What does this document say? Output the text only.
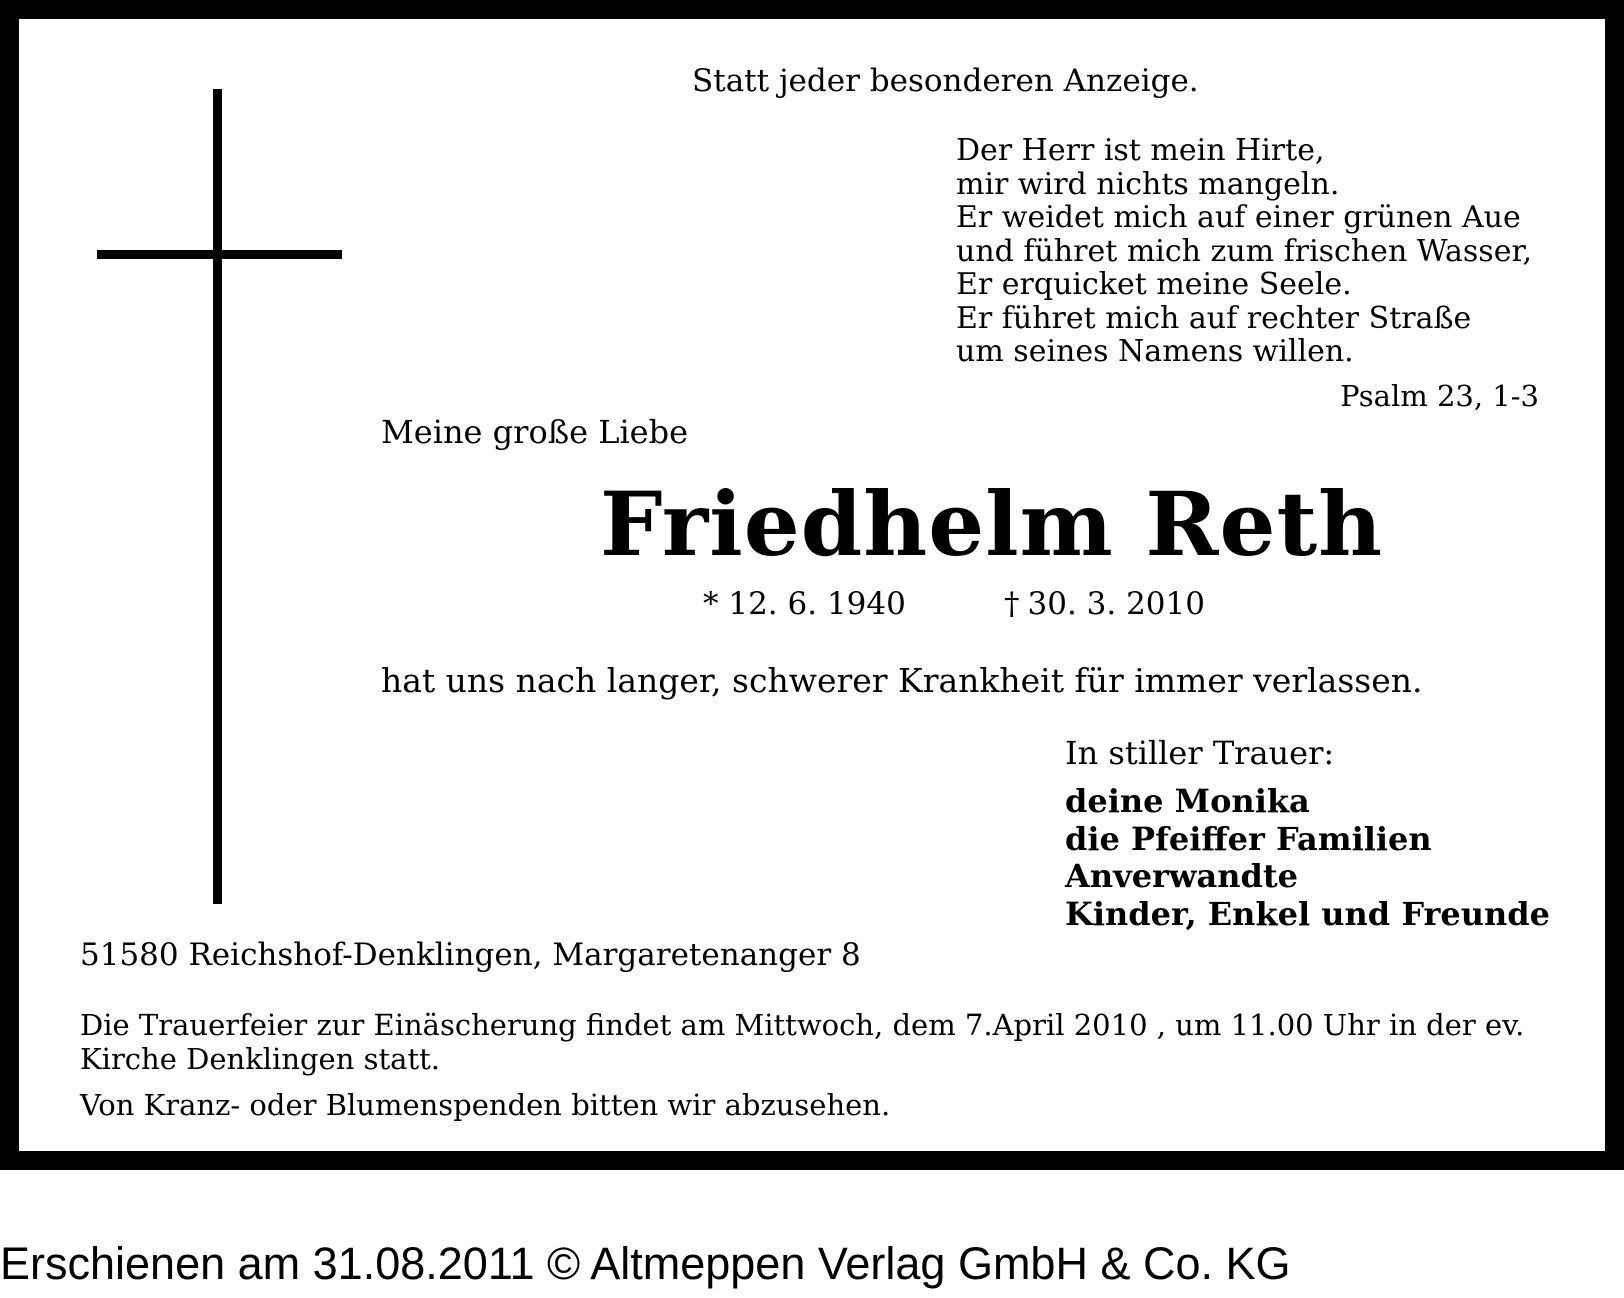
Statt jeder besonderen Anzeige.
Der Herr ist mein Hirte,
mir wird nichts mangeln.
Er weidet mich auf einer grünen Aue
und führet mich zum frischen Wasser,
Er erquicket meine Seele.
Er führet mich auf rechter Straße
um seines Namens willen.
Psalm 23, 1-3
Meine große Liebe
Friedhelm Reth
* 12. 6. 1940	† 30. 3. 2010
hat uns nach langer, schwerer Krankheit für immer verlassen.
In stiller Trauer:
deine Monika
die Pfeiffer Familien
Anverwandte
Kinder, Enkel und Freunde
51580 Reichshof-Denklingen, Margaretenanger 8
Die Trauerfeier zur Einäscherung findet am Mittwoch, dem 7.April 2010 , um 11.00 Uhr in der ev. Kirche Denklingen statt.
Von Kranz- oder Blumenspenden bitten wir abzusehen.
Erschienen am 31.08.2011 © Altmeppen Verlag GmbH & Co. KG
